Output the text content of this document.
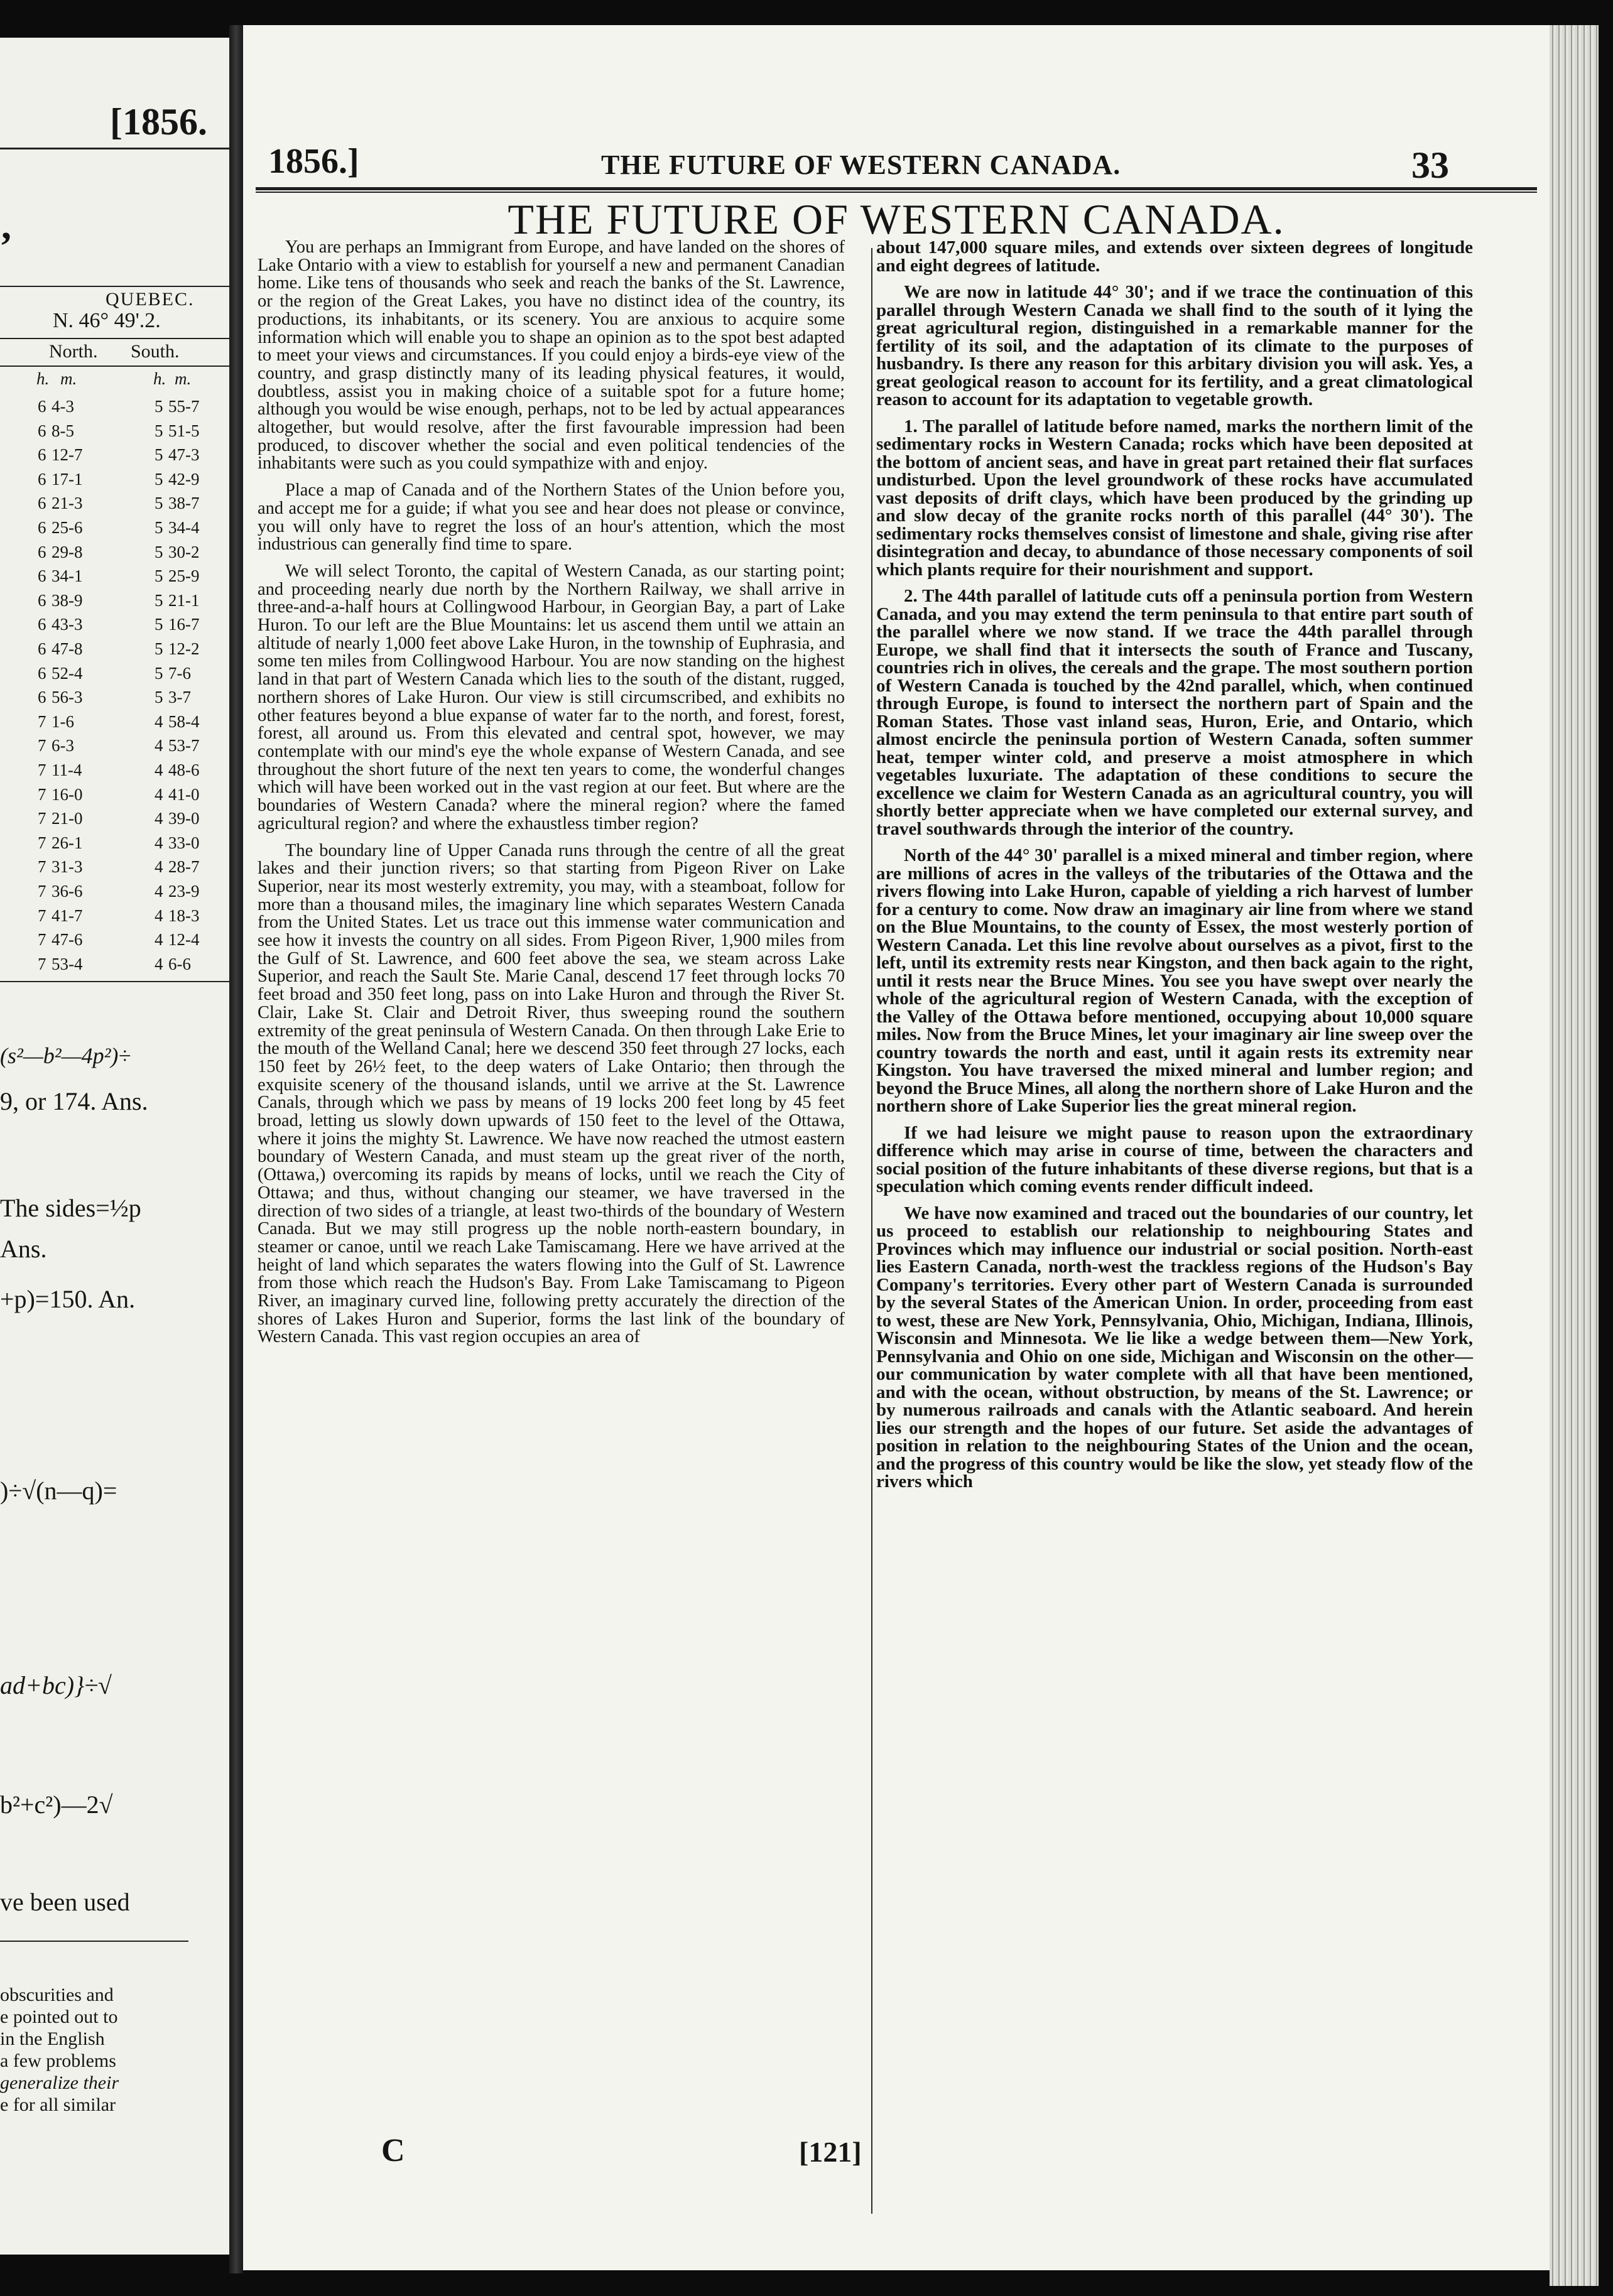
[1856.
,
QUEBEC.
N. 46° 49'.2.
North. South.
h. m.	h. m.
6 4-3	5 55-7
6 8-5	5 51-5
6 12-7	5 47-3
6 17-1	5 42-9
6 21-3	5 38-7
6 25-6	5 34-4
6 29-8	5 30-2
6 34-1	5 25-9
6 38-9	5 21-1
6 43-3	5 16-7
6 47-8	5 12-2
6 52-4	5 7-6
6 56-3	5 3-7
7 1-6	4 58-4
7 6-3	4 53-7
7 11-4	4 48-6
7 16-0	4 41-0
7 21-0	4 39-0
7 26-1	4 33-0
7 31-3	4 28-7
7 36-6	4 23-9
7 41-7	4 18-3
7 47-6	4 12-4
7 53-4	4 6-6
(s²—b²—4p²)÷
9, or 174. Ans.
The sides=½p
Ans.
+p)=150. An.
)÷√(n—q)=
ad+bc)}÷√
b²+c²)—2√
ve been used
obscurities and
e pointed out to
in the English
a few problems
generalize their
e for all similar
1856.]	THE FUTURE OF WESTERN CANADA.	33
THE FUTURE OF WESTERN CANADA.

You are perhaps an Immigrant from Europe, and have landed on the shores of Lake Ontario with a view to establish for yourself a new and permanent Canadian home. Like tens of thousands who seek and reach the banks of the St. Lawrence, or the region of the Great Lakes, you have no distinct idea of the country, its productions, its inhabitants, or its scenery. You are anxious to acquire some information which will enable you to shape an opinion as to the spot best adapted to meet your views and circumstances. If you could enjoy a birds-eye view of the country, and grasp distinctly many of its leading physical features, it would, doubtless, assist you in making choice of a suitable spot for a future home; although you would be wise enough, perhaps, not to be led by actual appearances altogether, but would resolve, after the first favourable impression had been produced, to discover whether the social and even political tendencies of the inhabitants were such as you could sympathize with and enjoy.

Place a map of Canada and of the Northern States of the Union before you, and accept me for a guide; if what you see and hear does not please or convince, you will only have to regret the loss of an hour's attention, which the most industrious can generally find time to spare.

We will select Toronto, the capital of Western Canada, as our starting point; and proceeding nearly due north by the Northern Railway, we shall arrive in three-and-a-half hours at Collingwood Harbour, in Georgian Bay, a part of Lake Huron. To our left are the Blue Mountains: let us ascend them until we attain an altitude of nearly 1,000 feet above Lake Huron, in the township of Euphrasia, and some ten miles from Collingwood Harbour. You are now standing on the highest land in that part of Western Canada which lies to the south of the distant, rugged, northern shores of Lake Huron. Our view is still circumscribed, and exhibits no other features beyond a blue expanse of water far to the north, and forest, forest, forest, all around us. From this elevated and central spot, however, we may contemplate with our mind's eye the whole expanse of Western Canada, and see throughout the short future of the next ten years to come, the wonderful changes which will have been worked out in the vast region at our feet. But where are the boundaries of Western Canada? where the mineral region? where the famed agricultural region? and where the exhaustless timber region?

The boundary line of Upper Canada runs through the centre of all the great lakes and their junction rivers; so that starting from Pigeon River on Lake Superior, near its most westerly extremity, you may, with a steamboat, follow for more than a thousand miles, the imaginary line which separates Western Canada from the United States. Let us trace out this immense water communication and see how it invests the country on all sides. From Pigeon River, 1,900 miles from the Gulf of St. Lawrence, and 600 feet above the sea, we steam across Lake Superior, and reach the Sault Ste. Marie Canal, descend 17 feet through locks 70 feet broad and 350 feet long, pass on into Lake Huron and through the River St. Clair, Lake St. Clair and Detroit River, thus sweeping round the southern extremity of the great peninsula of Western Canada. On then through Lake Erie to the mouth of the Welland Canal; here we descend 350 feet through 27 locks, each 150 feet by 26½ feet, to the deep waters of Lake Ontario; then through the exquisite scenery of the thousand islands, until we arrive at the St. Lawrence Canals, through which we pass by means of 19 locks 200 feet long by 45 feet broad, letting us slowly down upwards of 150 feet to the level of the Ottawa, where it joins the mighty St. Lawrence. We have now reached the utmost eastern boundary of Western Canada, and must steam up the great river of the north, (Ottawa,) overcoming its rapids by means of locks, until we reach the City of Ottawa; and thus, without changing our steamer, we have traversed in the direction of two sides of a triangle, at least two-thirds of the boundary of Western Canada. But we may still progress up the noble north-eastern boundary, in steamer or canoe, until we reach Lake Tamiscamang. Here we have arrived at the height of land which separates the waters flowing into the Gulf of St. Lawrence from those which reach the Hudson's Bay. From Lake Tamiscamang to Pigeon River, an imaginary curved line, following pretty accurately the direction of the shores of Lakes Huron and Superior, forms the last link of the boundary of Western Canada. This vast region occupies an area of

about 147,000 square miles, and extends over sixteen degrees of longitude and eight degrees of latitude.

We are now in latitude 44° 30'; and if we trace the continuation of this parallel through Western Canada we shall find to the south of it lying the great agricultural region, distinguished in a remarkable manner for the fertility of its soil, and the adaptation of its climate to the purposes of husbandry. Is there any reason for this arbitary division you will ask. Yes, a great geological reason to account for its fertility, and a great climatological reason to account for its adaptation to vegetable growth.

1. The parallel of latitude before named, marks the northern limit of the sedimentary rocks in Western Canada; rocks which have been deposited at the bottom of ancient seas, and have in great part retained their flat surfaces undisturbed. Upon the level groundwork of these rocks have accumulated vast deposits of drift clays, which have been produced by the grinding up and slow decay of the granite rocks north of this parallel (44° 30'). The sedimentary rocks themselves consist of limestone and shale, giving rise after disintegration and decay, to abundance of those necessary components of soil which plants require for their nourishment and support.

2. The 44th parallel of latitude cuts off a peninsula portion from Western Canada, and you may extend the term peninsula to that entire part south of the parallel where we now stand. If we trace the 44th parallel through Europe, we shall find that it intersects the south of France and Tuscany, countries rich in olives, the cereals and the grape. The most southern portion of Western Canada is touched by the 42nd parallel, which, when continued through Europe, is found to intersect the northern part of Spain and the Roman States. Those vast inland seas, Huron, Erie, and Ontario, which almost encircle the peninsula portion of Western Canada, soften summer heat, temper winter cold, and preserve a moist atmosphere in which vegetables luxuriate. The adaptation of these conditions to secure the excellence we claim for Western Canada as an agricultural country, you will shortly better appreciate when we have completed our external survey, and travel southwards through the interior of the country.

North of the 44° 30' parallel is a mixed mineral and timber region, where are millions of acres in the valleys of the tributaries of the Ottawa and the rivers flowing into Lake Huron, capable of yielding a rich harvest of lumber for a century to come. Now draw an imaginary air line from where we stand on the Blue Mountains, to the county of Essex, the most westerly portion of Western Canada. Let this line revolve about ourselves as a pivot, first to the left, until its extremity rests near Kingston, and then back again to the right, until it rests near the Bruce Mines. You see you have swept over nearly the whole of the agricultural region of Western Canada, with the exception of the Valley of the Ottawa before mentioned, occupying about 10,000 square miles. Now from the Bruce Mines, let your imaginary air line sweep over the country towards the north and east, until it again rests its extremity near Kingston. You have traversed the mixed mineral and lumber region; and beyond the Bruce Mines, all along the northern shore of Lake Huron and the northern shore of Lake Superior lies the great mineral region.

If we had leisure we might pause to reason upon the extraordinary difference which may arise in course of time, between the characters and social position of the future inhabitants of these diverse regions, but that is a speculation which coming events render difficult indeed.

We have now examined and traced out the boundaries of our country, let us proceed to establish our relationship to neighbouring States and Provinces which may influence our industrial or social position. North-east lies Eastern Canada, north-west the trackless regions of the Hudson's Bay Company's territories. Every other part of Western Canada is surrounded by the several States of the American Union. In order, proceeding from east to west, these are New York, Pennsylvania, Ohio, Michigan, Indiana, Illinois, Wisconsin and Minnesota. We lie like a wedge between them—New York, Pennsylvania and Ohio on one side, Michigan and Wisconsin on the other—our communication by water complete with all that have been mentioned, and with the ocean, without obstruction, by means of the St. Lawrence; or by numerous railroads and canals with the Atlantic seaboard. And herein lies our strength and the hopes of our future. Set aside the advantages of position in relation to the neighbouring States of the Union and the ocean, and the progress of this country would be like the slow, yet steady flow of the rivers which

C	[121]
